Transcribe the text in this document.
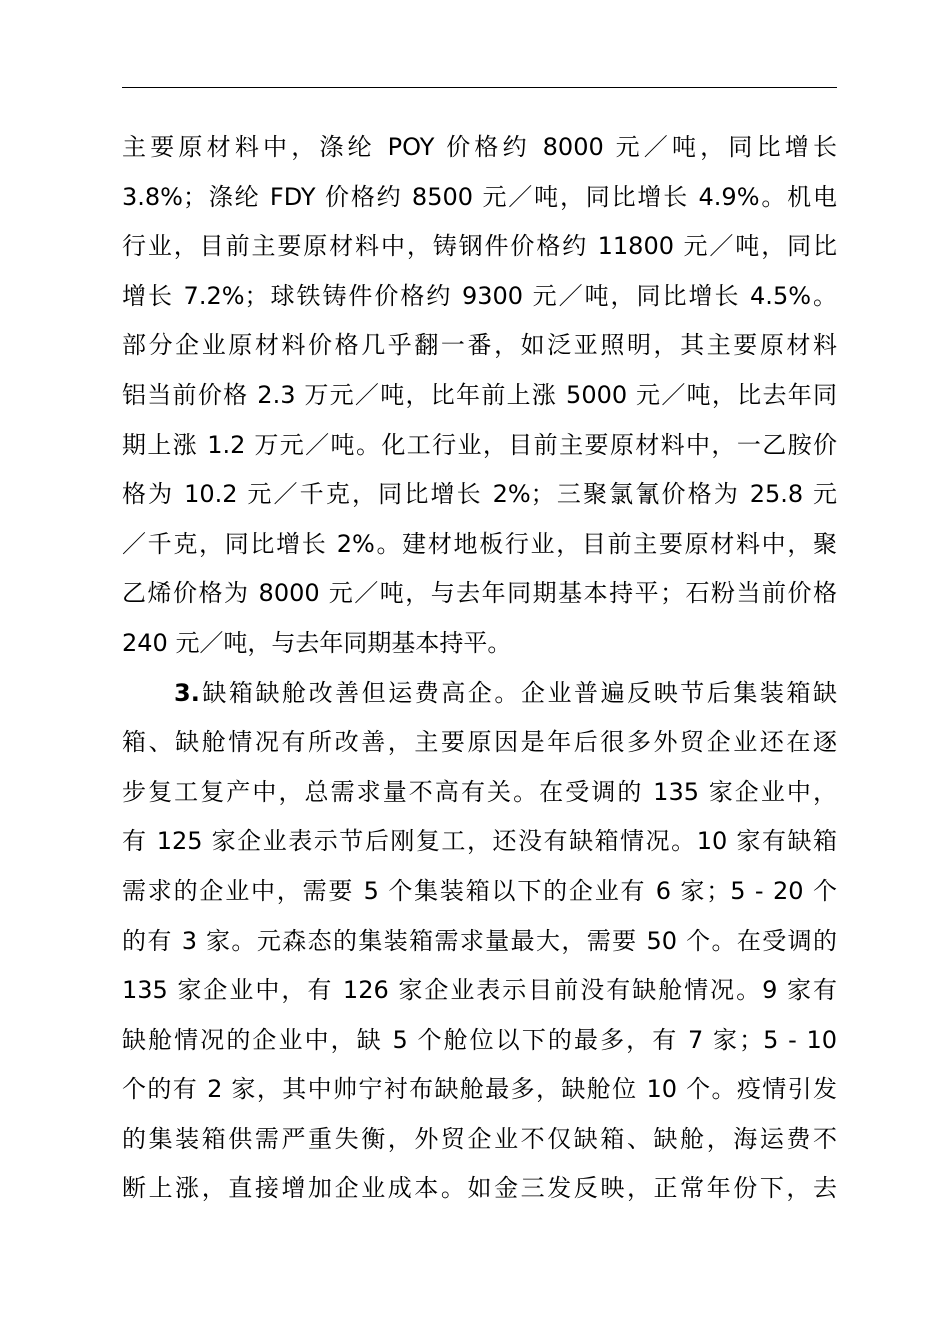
主要原材料中，涤纶 POY 价格约 8000 元／吨，同比增长
3.8%；涤纶 FDY 价格约 8500 元／吨，同比增长 4.9%。机电
行业，目前主要原材料中，铸钢件价格约 11800 元／吨，同比
增长 7.2%；球铁铸件价格约 9300 元／吨，同比增长 4.5%。
部分企业原材料价格几乎翻一番，如泛亚照明，其主要原材料
铝当前价格 2.3 万元／吨，比年前上涨 5000 元／吨，比去年同
期上涨 1.2 万元／吨。化工行业，目前主要原材料中，一乙胺价
格为 10.2 元／千克，同比增长 2%；三聚氯氰价格为 25.8 元
／千克，同比增长 2%。建材地板行业，目前主要原材料中，聚
乙烯价格为 8000 元／吨，与去年同期基本持平；石粉当前价格
240 元／吨，与去年同期基本持平。
3.缺箱缺舱改善但运费高企。企业普遍反映节后集装箱缺
箱、缺舱情况有所改善，主要原因是年后很多外贸企业还在逐
步复工复产中，总需求量不高有关。在受调的 135 家企业中，
有 125 家企业表示节后刚复工，还没有缺箱情况。10 家有缺箱
需求的企业中，需要 5 个集装箱以下的企业有 6 家；5 - 20 个
的有 3 家。元森态的集装箱需求量最大，需要 50 个。在受调的
135 家企业中，有 126 家企业表示目前没有缺舱情况。9 家有
缺舱情况的企业中，缺 5 个舱位以下的最多，有 7 家；5 - 10
个的有 2 家，其中帅宁衬布缺舱最多，缺舱位 10 个。疫情引发
的集装箱供需严重失衡，外贸企业不仅缺箱、缺舱，海运费不
断上涨，直接增加企业成本。如金三发反映，正常年份下，去
